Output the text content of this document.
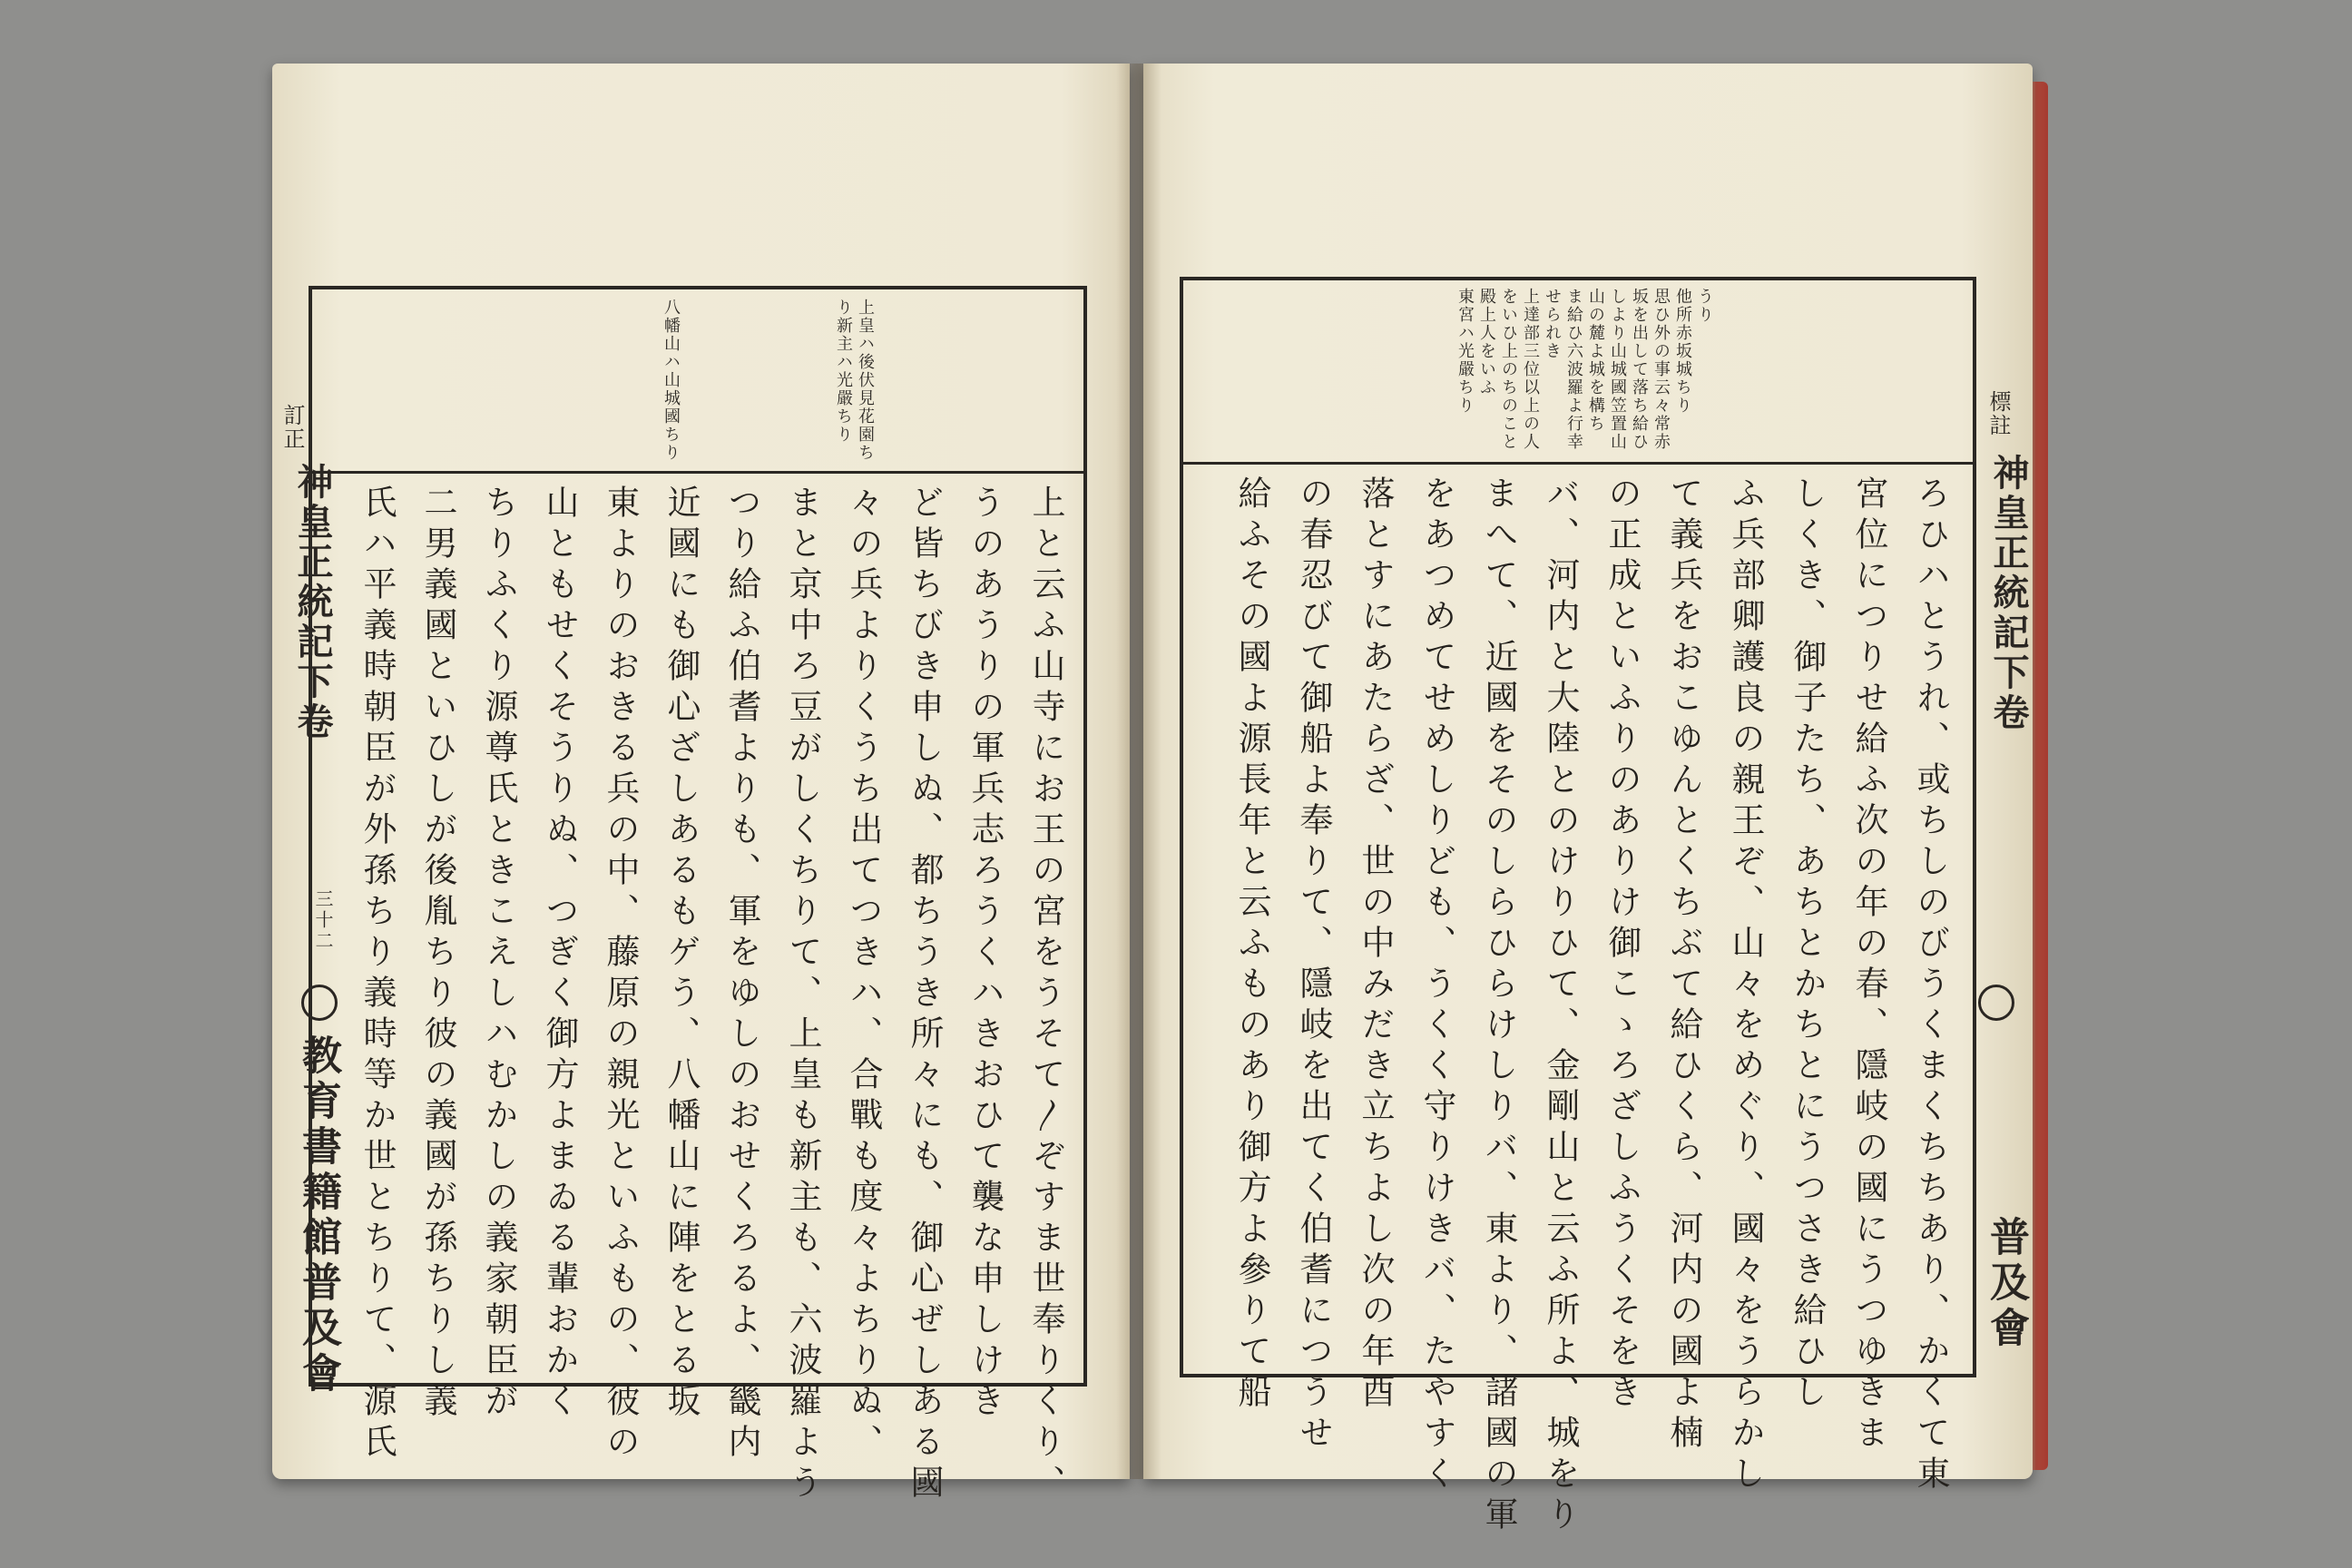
訂正
神皇正統記下卷
三十二
教育書籍館
普及會
上皇ハ後伏見花園ち
り新主ハ光嚴ちり
八幡山ハ山城國ちり
上と云ふ山寺にお王の宮をうそて〳ぞすま世奉りくり、
うのあうりの軍兵志ろうくハきおひて襲な申しけき
ど皆ちびき申しぬ、都ちうき所々にも、御心ぜしある國
々の兵よりくうち出てつきハ、合戰も度々よちりぬ、
まと京中ろ豆がしくちりて、上皇も新主も、六波羅よう
つり給ふ伯耆よりも、軍をゆしのおせくろるよ、畿内
近國にも御心ざしあるもゲう、八幡山に陣をとる坂
東よりのおきる兵の中、藤原の親光といふもの、彼の
山ともせくそうりぬ、つぎく御方よまゐる輩おかく
ちりふくり源尊氏ときこえしハむかしの義家朝臣が
二男義國といひしが後胤ちり彼の義國が孫ちりし義
氏ハ平義時朝臣が外孫ちり義時等か世とちりて、源氏
うり
他所赤坂城ちり
思ひ外の事云々常赤
坂を出して落ち給ひ
しより山城國笠置山
山の麓よ城を構ち
ま給ひ六波羅よ行幸
せられき
上達部三位以上の人
をいひ上のちのこと
殿上人をいふ
東宮ハ光嚴ちり
ろひハとうれ、或ちしのびうくまくちちあり、かくて東
宮位につりせ給ふ次の年の春、隱岐の國にうつゆきま
しくき、御子たち、あちとかちとにうつさき給ひし
ふ兵部卿護良の親王ぞ、山々をめぐり、國々をうらかし
て義兵をおこゆんとくちぶて給ひくら、河内の國よ楠
の正成といふりのありけ御こゝろざしふうくそをき
バ、河内と大陸とのけりひて、金剛山と云ふ所よ、城をり
まへて、近國をそのしらひらけしりバ、東より、諸國の軍
をあつめてせめしりども、うくく守りけきバ、たやすく
落とすにあたらざ、世の中みだき立ちよし次の年酉
の春忍びて御船よ奉りて、隱岐を出てく伯耆につうせ
給ふその國よ源長年と云ふものあり御方よ參りて船
標註
神皇正統記下卷
普及會
